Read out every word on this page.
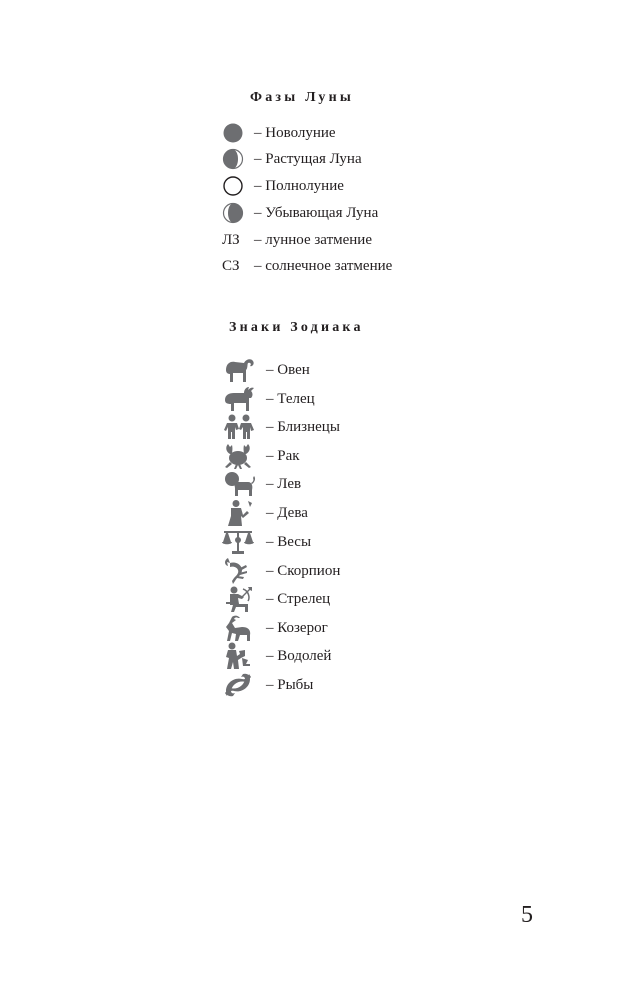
Фазы Луны
– Новолуние
– Растущая Луна
– Полнолуние
– Убывающая Луна
ЛЗ – лунное затмение
СЗ – солнечное затмение
Знаки Зодиака
– Овен
– Телец
– Близнецы
– Рак
– Лев
– Дева
– Весы
– Скорпион
– Стрелец
– Козерог
– Водолей
– Рыбы
5
